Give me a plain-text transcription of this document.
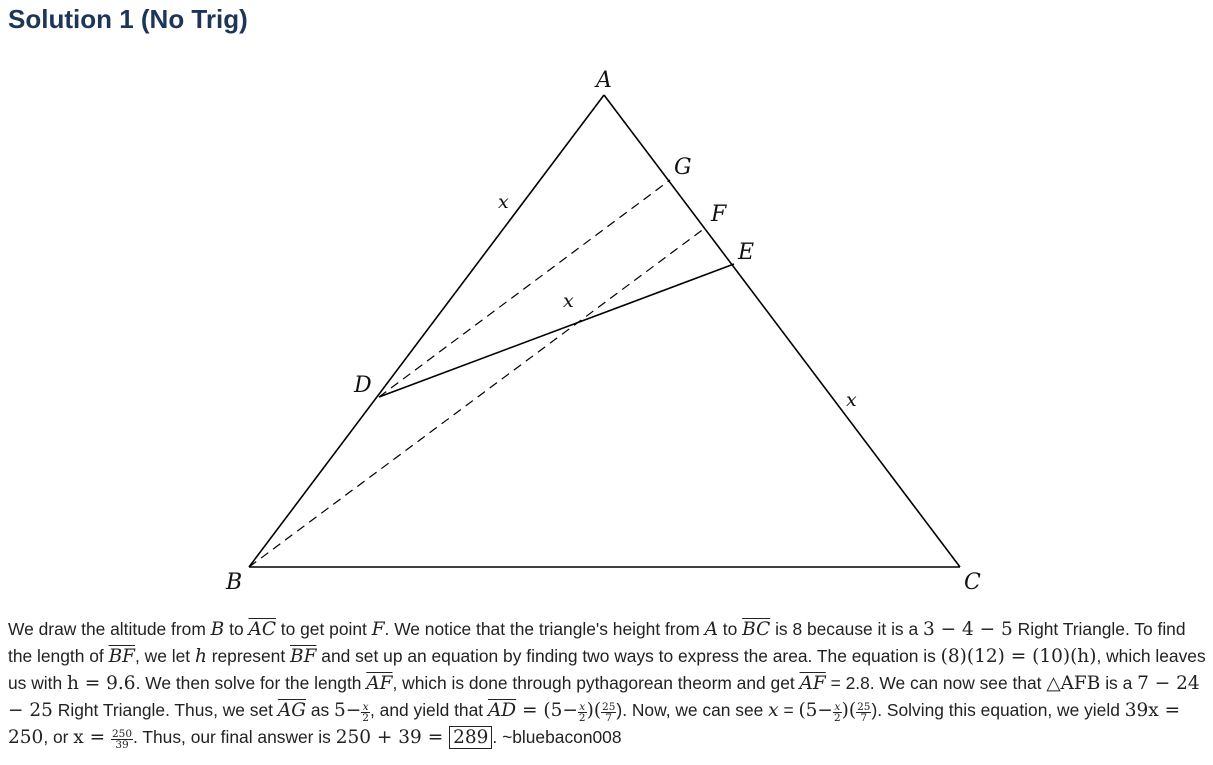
Solution 1 (No Trig)
A
B	C
D
E
F
G
x
x
x

We draw the altitude from B to $\overline{AC}$ to get point F. We notice that the triangle's height from A to $\overline{BC}$ is 8 because it is a 3 − 4 − 5 Right Triangle. To find the length of $\overline{BF}$, we let h represent $\overline{BF}$ and set up an equation by finding two ways to express the area. The equation is (8)(12) = (10)(h), which leaves us with h = 9.6. We then solve for the length $\overline{AF}$, which is done through pythagorean theorm and get $\overline{AF} = 2.8$. We can now see that △AFB is a 7 − 24 − 25 Right Triangle. Thus, we set $\overline{AG}$ as $5- \frac{x}{2}$ , and yield that $\overline{AD} = (5- \frac{x}{2}$ )( $\frac{25}{7}$ ). Now, we can see $x = (5- \frac{x}{2}$ )( $\frac{25}{7}$ ). Solving this equation, we yield 39x = 250, or $x = \frac{250}{39}$ . Thus, our final answer is 250 + 39 = 289 . ~bluebacon008
